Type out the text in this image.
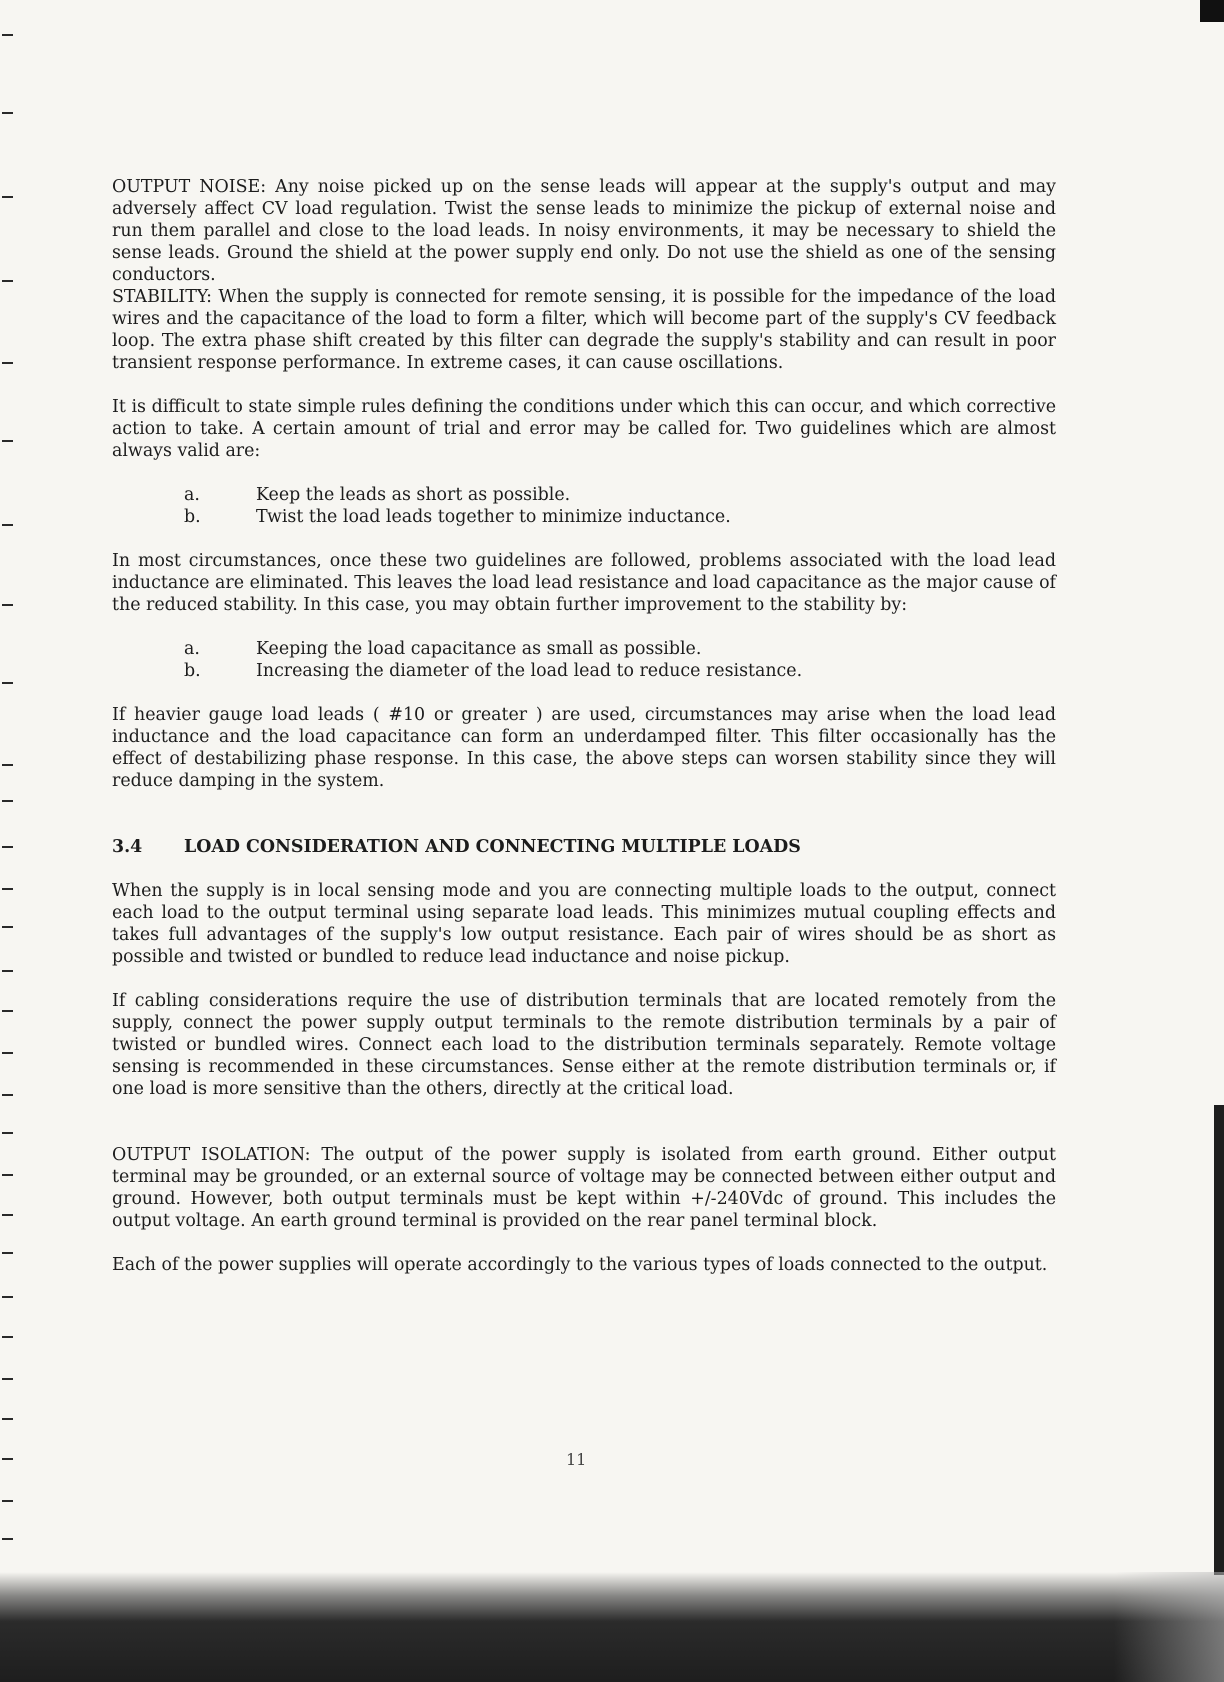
OUTPUT NOISE: Any noise picked up on the sense leads will appear at the supply's output and may adversely affect CV load regulation. Twist the sense leads to minimize the pickup of external noise and run them parallel and close to the load leads. In noisy environments, it may be necessary to shield the sense leads. Ground the shield at the power supply end only. Do not use the shield as one of the sensing conductors.

STABILITY: When the supply is connected for remote sensing, it is possible for the impedance of the load wires and the capacitance of the load to form a filter, which will become part of the supply's CV feedback loop. The extra phase shift created by this filter can degrade the supply's stability and can result in poor transient response performance. In extreme cases, it can cause oscillations.

It is difficult to state simple rules defining the conditions under which this can occur, and which corrective action to take. A certain amount of trial and error may be called for. Two guidelines which are almost always valid are:

a.	Keep the leads as short as possible.
b.	Twist the load leads together to minimize inductance.

In most circumstances, once these two guidelines are followed, problems associated with the load lead inductance are eliminated. This leaves the load lead resistance and load capacitance as the major cause of the reduced stability. In this case, you may obtain further improvement to the stability by:

a.	Keeping the load capacitance as small as possible.
b.	Increasing the diameter of the load lead to reduce resistance.

If heavier gauge load leads ( #10 or greater ) are used, circumstances may arise when the load lead inductance and the load capacitance can form an underdamped filter. This filter occasionally has the effect of destabilizing phase response. In this case, the above steps can worsen stability since they will reduce damping in the system.

3.4	LOAD CONSIDERATION AND CONNECTING MULTIPLE LOADS

When the supply is in local sensing mode and you are connecting multiple loads to the output, connect each load to the output terminal using separate load leads. This minimizes mutual coupling effects and takes full advantages of the supply's low output resistance. Each pair of wires should be as short as possible and twisted or bundled to reduce lead inductance and noise pickup.

If cabling considerations require the use of distribution terminals that are located remotely from the supply, connect the power supply output terminals to the remote distribution terminals by a pair of twisted or bundled wires. Connect each load to the distribution terminals separately. Remote voltage sensing is recommended in these circumstances. Sense either at the remote distribution terminals or, if one load is more sensitive than the others, directly at the critical load.

OUTPUT ISOLATION: The output of the power supply is isolated from earth ground. Either output terminal may be grounded, or an external source of voltage may be connected between either output and ground. However, both output terminals must be kept within +/-240Vdc of ground. This includes the output voltage. An earth ground terminal is provided on the rear panel terminal block.

Each of the power supplies will operate accordingly to the various types of loads connected to the output.

11
